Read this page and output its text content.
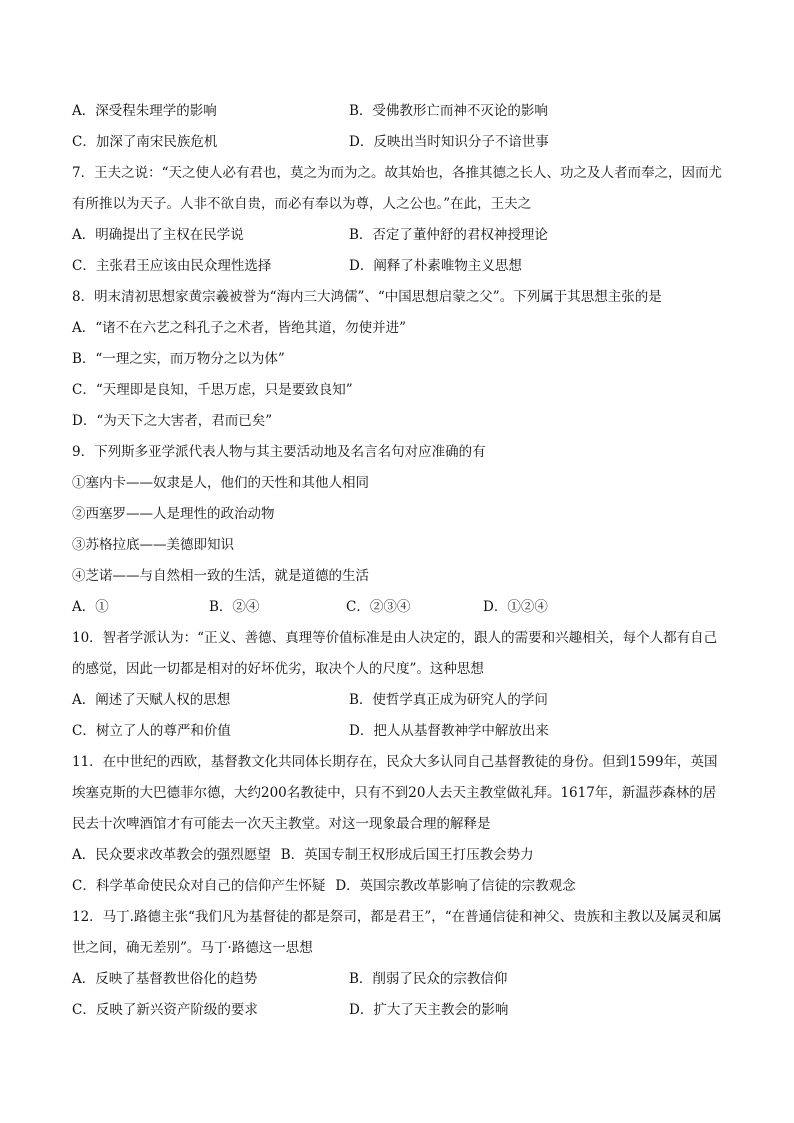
A．深受程朱理学的影响	B．受佛教形亡而神不灭论的影响
C．加深了南宋民族危机	D．反映出当时知识分子不谙世事
7．王夫之说：“天之使人必有君也，莫之为而为之。故其始也，各推其德之长人、功之及人者而奉之，因而尤有所推以为天子。人非不欲自贵，而必有奉以为尊，人之公也。”在此，王夫之
A．明确提出了主权在民学说	B．否定了董仲舒的君权神授理论
C．主张君王应该由民众理性选择	D．阐释了朴素唯物主义思想
8．明末清初思想家黄宗羲被誉为“海内三大鸿儒”、“中国思想启蒙之父”。下列属于其思想主张的是
A．“诸不在六艺之科孔子之术者，皆绝其道，勿使并进”
B．“一理之实，而万物分之以为体”
C．“天理即是良知，千思万虑，只是要致良知”
D．“为天下之大害者，君而已矣”
9．下列斯多亚学派代表人物与其主要活动地及名言名句对应准确的有
①塞内卡——奴隶是人，他们的天性和其他人相同
②西塞罗——人是理性的政治动物
③苏格拉底——美德即知识
④芝诺——与自然相一致的生活，就是道德的生活
A．①	B．②④	C．②③④	D．①②④
10．智者学派认为：“正义、善德、真理等价值标准是由人决定的，跟人的需要和兴趣相关，每个人都有自己的感觉，因此一切都是相对的好坏优劣，取决个人的尺度”。这种思想
A．阐述了天赋人权的思想	B．使哲学真正成为研究人的学问
C．树立了人的尊严和价值	D．把人从基督教神学中解放出来
11．在中世纪的西欧，基督教文化共同体长期存在，民众大多认同自己基督教徒的身份。但到1599年，英国埃塞克斯的大巴德菲尔德，大约200名教徒中，只有不到20人去天主教堂做礼拜。1617年，新温莎森林的居民去十次啤酒馆才有可能去一次天主教堂。对这一现象最合理的解释是
A．民众要求改革教会的强烈愿望 B．英国专制王权形成后国王打压教会势力
C．科学革命使民众对自己的信仰产生怀疑 D．英国宗教改革影响了信徒的宗教观念
12．马丁.路德主张“我们凡为基督徒的都是祭司，都是君王”，“在普通信徒和神父、贵族和主教以及属灵和属世之间，确无差别”。马丁·路德这一思想
A．反映了基督教世俗化的趋势	B．削弱了民众的宗教信仰
C．反映了新兴资产阶级的要求	D．扩大了天主教会的影响
